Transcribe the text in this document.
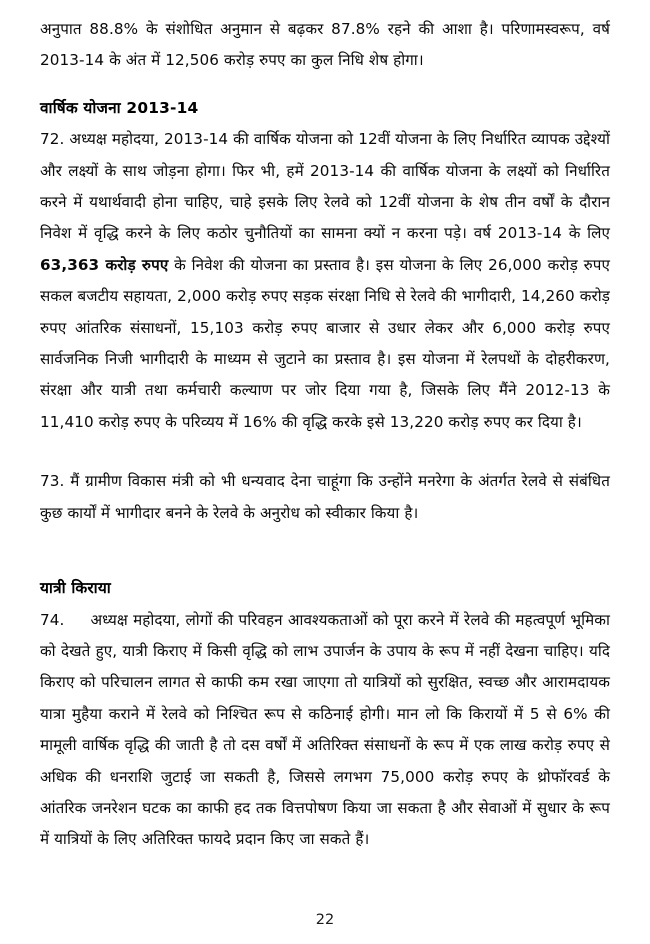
अनुपात 88.8% के संशोधित अनुमान से बढ़कर 87.8% रहने की आशा है। परिणामस्वरूप, वर्ष 2013-14 के अंत में 12,506 करोड़ रुपए का कुल निधि शेष होगा।

वार्षिक योजना 2013-14

72. अध्यक्ष महोदया, 2013-14 की वार्षिक योजना को 12वीं योजना के लिए निर्धारित व्यापक उद्देश्यों और लक्ष्यों के साथ जोड़ना होगा। फिर भी, हमें 2013-14 की वार्षिक योजना के लक्ष्यों को निर्धारित करने में यथार्थवादी होना चाहिए, चाहे इसके लिए रेलवे को 12वीं योजना के शेष तीन वर्षों के दौरान निवेश में वृद्धि करने के लिए कठोर चुनौतियों का सामना क्यों न करना पड़े। वर्ष 2013-14 के लिए 63,363 करोड़ रुपए के निवेश की योजना का प्रस्ताव है। इस योजना के लिए 26,000 करोड़ रुपए सकल बजटीय सहायता, 2,000 करोड़ रुपए सड़क संरक्षा निधि से रेलवे की भागीदारी, 14,260 करोड़ रुपए आंतरिक संसाधनों, 15,103 करोड़ रुपए बाजार से उधार लेकर और 6,000 करोड़ रुपए सार्वजनिक निजी भागीदारी के माध्यम से जुटाने का प्रस्ताव है। इस योजना में रेलपथों के दोहरीकरण, संरक्षा और यात्री तथा कर्मचारी कल्याण पर जोर दिया गया है, जिसके लिए मैंने 2012-13 के 11,410 करोड़ रुपए के परिव्यय में 16% की वृद्धि करके इसे 13,220 करोड़ रुपए कर दिया है।

73. मैं ग्रामीण विकास मंत्री को भी धन्यवाद देना चाहूंगा कि उन्होंने मनरेगा के अंतर्गत रेलवे से संबंधित कुछ कार्यों में भागीदार बनने के रेलवे के अनुरोध को स्वीकार किया है।

यात्री किराया

74. अध्यक्ष महोदया, लोगों की परिवहन आवश्यकताओं को पूरा करने में रेलवे की महत्वपूर्ण भूमिका को देखते हुए, यात्री किराए में किसी वृद्धि को लाभ उपार्जन के उपाय के रूप में नहीं देखना चाहिए। यदि किराए को परिचालन लागत से काफी कम रखा जाएगा तो यात्रियों को सुरक्षित, स्वच्छ और आरामदायक यात्रा मुहैया कराने में रेलवे को निश्चित रूप से कठिनाई होगी। मान लो कि किरायों में 5 से 6% की मामूली वार्षिक वृद्धि की जाती है तो दस वर्षों में अतिरिक्त संसाधनों के रूप में एक लाख करोड़ रुपए से अधिक की धनराशि जुटाई जा सकती है, जिससे लगभग 75,000 करोड़ रुपए के थ्रोफॉरवर्ड के आंतरिक जनरेशन घटक का काफी हद तक वित्तपोषण किया जा सकता है और सेवाओं में सुधार के रूप में यात्रियों के लिए अतिरिक्त फायदे प्रदान किए जा सकते हैं।

22
